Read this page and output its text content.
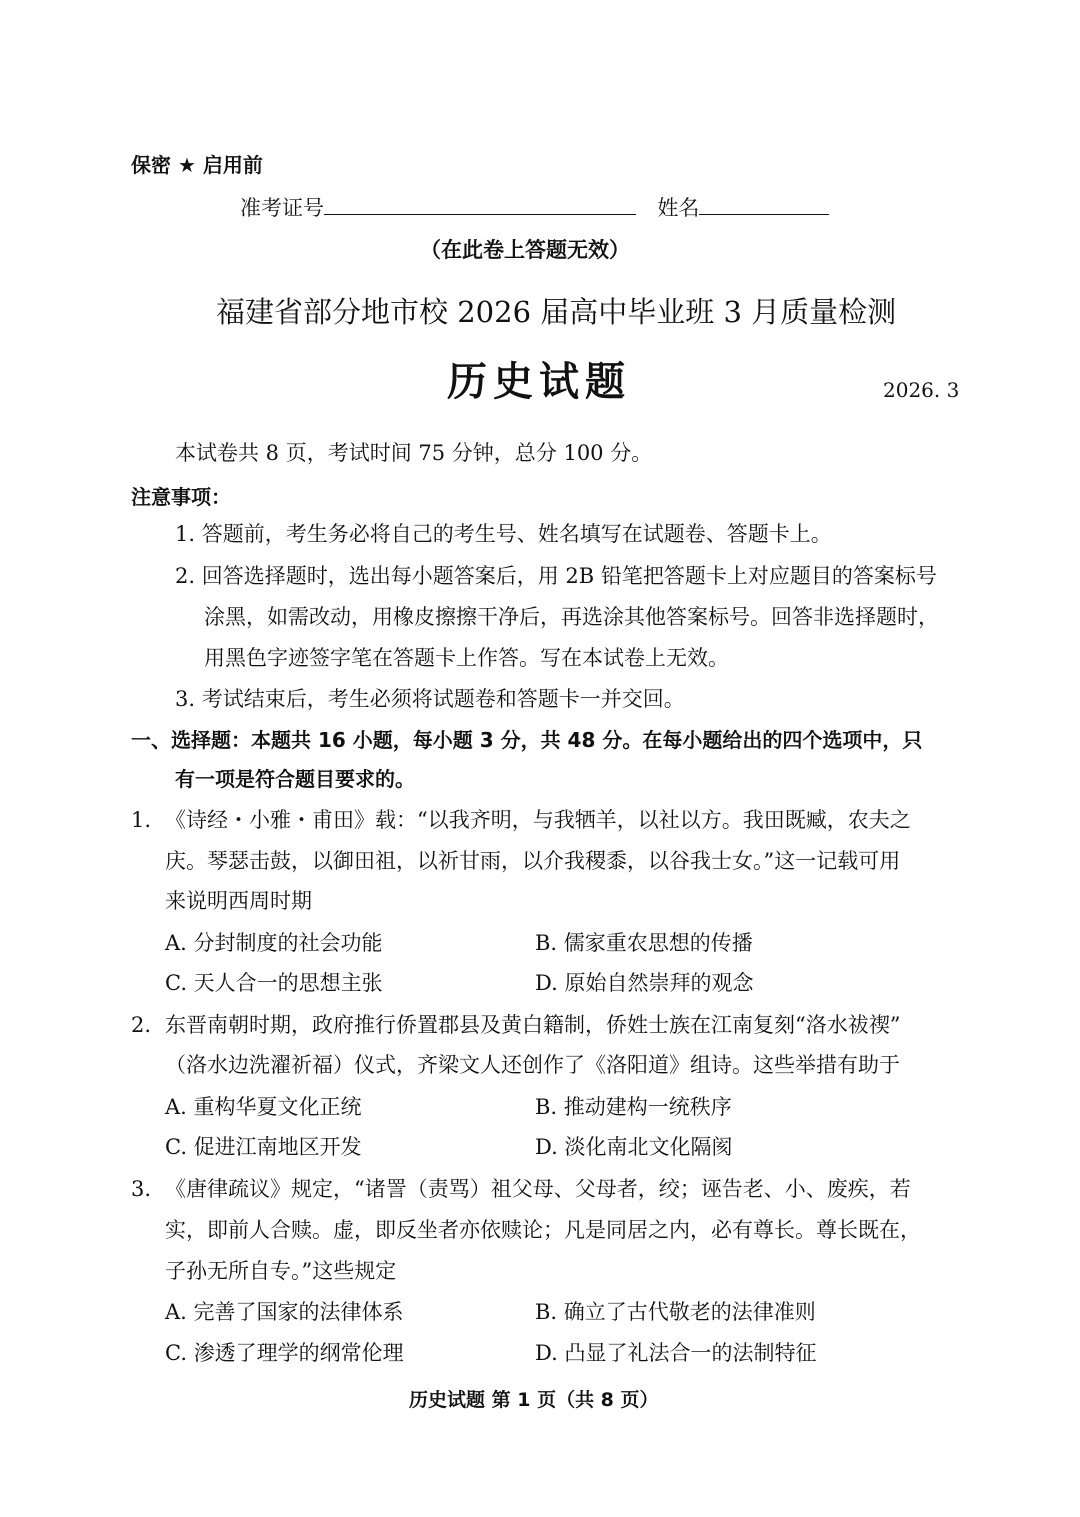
保密 ★ 启用前
准考证号	姓名
（在此卷上答题无效）
福建省部分地市校 2026 届高中毕业班 3 月质量检测
历史试题	2026. 3
本试卷共 8 页，考试时间 75 分钟，总分 100 分。
注意事项：
1. 答题前，考生务必将自己的考生号、姓名填写在试题卷、答题卡上。
2. 回答选择题时，选出每小题答案后，用 2B 铅笔把答题卡上对应题目的答案标号
涂黑，如需改动，用橡皮擦擦干净后，再选涂其他答案标号。回答非选择题时，
用黑色字迹签字笔在答题卡上作答。写在本试卷上无效。
3. 考试结束后，考生必须将试题卷和答题卡一并交回。
一、选择题：本题共 16 小题，每小题 3 分，共 48 分。在每小题给出的四个选项中，只
有一项是符合题目要求的。
1. 《诗经・小雅・甫田》载：“以我齐明，与我牺羊，以社以方。我田既臧，农夫之
庆。琴瑟击鼓，以御田祖，以祈甘雨，以介我稷黍，以谷我士女。”这一记载可用
来说明西周时期
A. 分封制度的社会功能	B. 儒家重农思想的传播
C. 天人合一的思想主张	D. 原始自然崇拜的观念
2. 东晋南朝时期，政府推行侨置郡县及黄白籍制，侨姓士族在江南复刻“洛水祓禊”
（洛水边洗濯祈福）仪式，齐梁文人还创作了《洛阳道》组诗。这些举措有助于
A. 重构华夏文化正统	B. 推动建构一统秩序
C. 促进江南地区开发	D. 淡化南北文化隔阂
3. 《唐律疏议》规定，“诸詈（责骂）祖父母、父母者，绞；诬告老、小、废疾，若
实，即前人合赎。虚，即反坐者亦依赎论；凡是同居之内，必有尊长。尊长既在，
子孙无所自专。”这些规定
A. 完善了国家的法律体系	B. 确立了古代敬老的法律准则
C. 渗透了理学的纲常伦理	D. 凸显了礼法合一的法制特征
历史试题 第 1 页（共 8 页）
